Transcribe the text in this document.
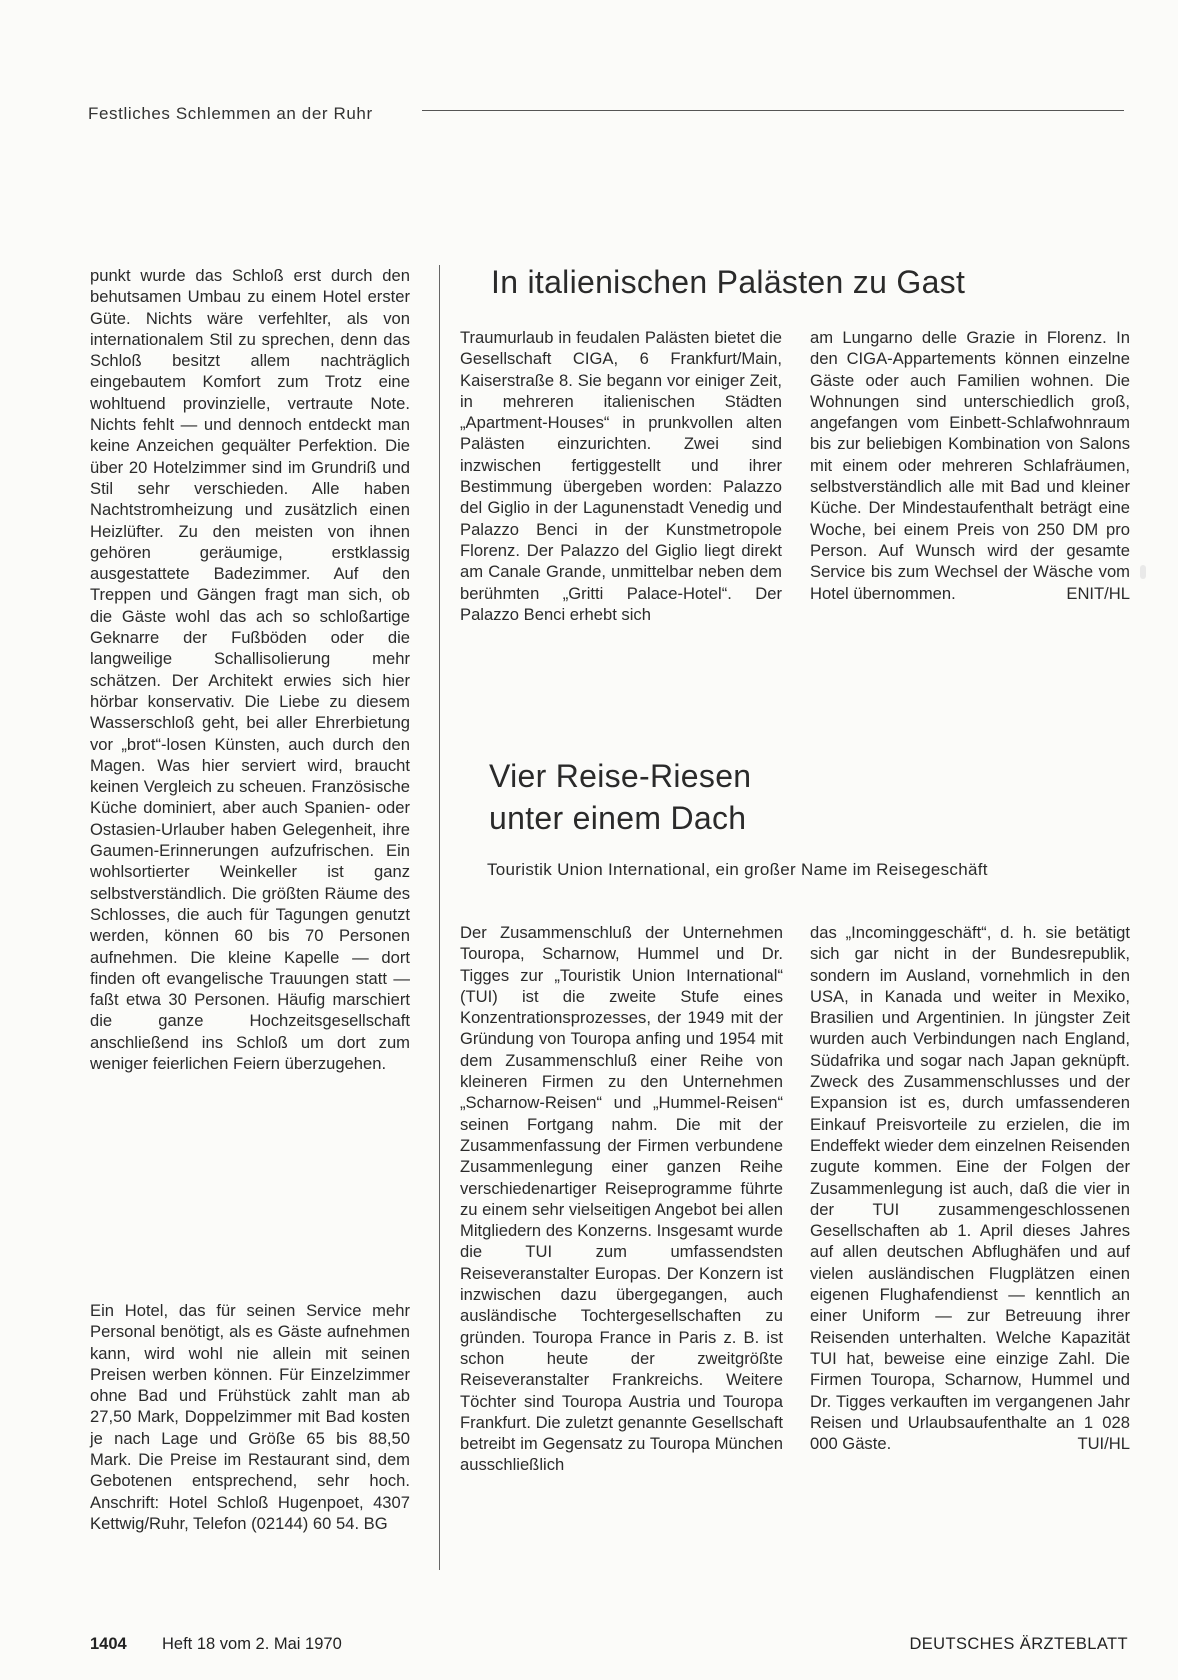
Festliches Schlemmen an der Ruhr

punkt wurde das Schloß erst durch den behutsamen Umbau zu einem Hotel erster Güte. Nichts wäre verfehlter, als von internationalem Stil zu sprechen, denn das Schloß besitzt allem nachträglich eingebautem Komfort zum Trotz eine wohltuend provinzielle, vertraute Note. Nichts fehlt — und dennoch entdeckt man keine Anzeichen gequälter Perfektion. Die über 20 Hotelzimmer sind im Grundriß und Stil sehr verschieden. Alle haben Nachtstromheizung und zusätzlich einen Heizlüfter. Zu den meisten von ihnen gehören geräumige, erstklassig ausgestattete Badezimmer. Auf den Treppen und Gängen fragt man sich, ob die Gäste wohl das ach so schloßartige Geknarre der Fußböden oder die langweilige Schallisolierung mehr schätzen. Der Architekt erwies sich hier hörbar konservativ. Die Liebe zu diesem Wasserschloß geht, bei aller Ehrerbietung vor „brot“-losen Künsten, auch durch den Magen. Was hier serviert wird, braucht keinen Vergleich zu scheuen. Französische Küche dominiert, aber auch Spanien- oder Ostasien-Urlauber haben Gelegenheit, ihre Gaumen-Erinnerungen aufzufrischen. Ein wohlsortierter Weinkeller ist ganz selbstverständlich. Die größten Räume des Schlosses, die auch für Tagungen genutzt werden, können 60 bis 70 Personen aufnehmen. Die kleine Kapelle — dort finden oft evangelische Trauungen statt — faßt etwa 30 Personen. Häufig marschiert die ganze Hochzeitsgesellschaft anschließend ins Schloß um dort zum weniger feierlichen Feiern überzugehen.

Ein Hotel, das für seinen Service mehr Personal benötigt, als es Gäste aufnehmen kann, wird wohl nie allein mit seinen Preisen werben können. Für Einzelzimmer ohne Bad und Frühstück zahlt man ab 27,50 Mark, Doppelzimmer mit Bad kosten je nach Lage und Größe 65 bis 88,50 Mark. Die Preise im Restaurant sind, dem Gebotenen entsprechend, sehr hoch. Anschrift: Hotel Schloß Hugenpoet, 4307 Kettwig/Ruhr, Telefon (02144) 60 54. BG

In italienischen Palästen zu Gast

Traumurlaub in feudalen Palästen bietet die Gesellschaft CIGA, 6 Frankfurt/Main, Kaiserstraße 8. Sie begann vor einiger Zeit, in mehreren italienischen Städten „Apartment-Houses“ in prunkvollen alten Palästen einzurichten. Zwei sind inzwischen fertiggestellt und ihrer Bestimmung übergeben worden: Palazzo del Giglio in der Lagunenstadt Venedig und Palazzo Benci in der Kunstmetropole Florenz. Der Palazzo del Giglio liegt direkt am Canale Grande, unmittelbar neben dem berühmten „Gritti Palace-Hotel“. Der Palazzo Benci erhebt sich

am Lungarno delle Grazie in Florenz. In den CIGA-Appartements können einzelne Gäste oder auch Familien wohnen. Die Wohnungen sind unterschiedlich groß, angefangen vom Einbett-Schlafwohnraum bis zur beliebigen Kombination von Salons mit einem oder mehreren Schlafräumen, selbstverständlich alle mit Bad und kleiner Küche. Der Mindestaufenthalt beträgt eine Woche, bei einem Preis von 250 DM pro Person. Auf Wunsch wird der gesamte Service bis zum Wechsel der Wäsche vom Hotel übernommen.	ENIT/HL

Vier Reise-Riesen
unter einem Dach
Touristik Union International, ein großer Name im Reisegeschäft

Der Zusammenschluß der Unternehmen Touropa, Scharnow, Hummel und Dr. Tigges zur „Touristik Union International“ (TUI) ist die zweite Stufe eines Konzentrationsprozesses, der 1949 mit der Gründung von Touropa anfing und 1954 mit dem Zusammenschluß einer Reihe von kleineren Firmen zu den Unternehmen „Scharnow-Reisen“ und „Hummel-Reisen“ seinen Fortgang nahm. Die mit der Zusammenfassung der Firmen verbundene Zusammenlegung einer ganzen Reihe verschiedenartiger Reiseprogramme führte zu einem sehr vielseitigen Angebot bei allen Mitgliedern des Konzerns. Insgesamt wurde die TUI zum umfassendsten Reiseveranstalter Europas. Der Konzern ist inzwischen dazu übergegangen, auch ausländische Tochtergesellschaften zu gründen. Touropa France in Paris z. B. ist schon heute der zweitgrößte Reiseveranstalter Frankreichs. Weitere Töchter sind Touropa Austria und Touropa Frankfurt. Die zuletzt genannte Gesellschaft betreibt im Gegensatz zu Touropa München ausschließlich

das „Incominggeschäft“, d. h. sie betätigt sich gar nicht in der Bundesrepublik, sondern im Ausland, vornehmlich in den USA, in Kanada und weiter in Mexiko, Brasilien und Argentinien. In jüngster Zeit wurden auch Verbindungen nach England, Südafrika und sogar nach Japan geknüpft. Zweck des Zusammenschlusses und der Expansion ist es, durch umfassenderen Einkauf Preisvorteile zu erzielen, die im Endeffekt wieder dem einzelnen Reisenden zugute kommen. Eine der Folgen der Zusammenlegung ist auch, daß die vier in der TUI zusammengeschlossenen Gesellschaften ab 1. April dieses Jahres auf allen deutschen Abflughäfen und auf vielen ausländischen Flugplätzen einen eigenen Flughafendienst — kenntlich an einer Uniform — zur Betreuung ihrer Reisenden unterhalten. Welche Kapazität TUI hat, beweise eine einzige Zahl. Die Firmen Touropa, Scharnow, Hummel und Dr. Tigges verkauften im vergangenen Jahr Reisen und Urlaubsaufenthalte an 1 028 000 Gäste.	TUI/HL

1404 Heft 18 vom 2. Mai 1970	DEUTSCHES ÄRZTEBLATT
